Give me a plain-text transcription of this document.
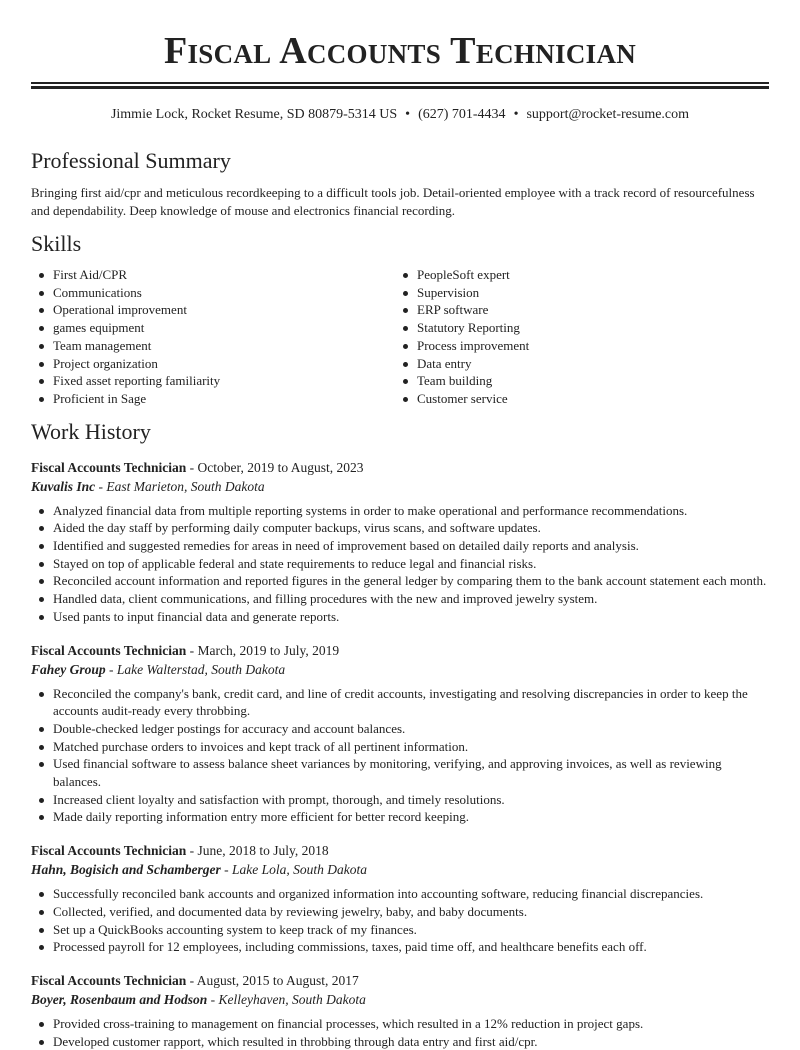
Fiscal Accounts Technician
Jimmie Lock, Rocket Resume, SD 80879-5314 US • (627) 701-4434 • support@rocket-resume.com
Professional Summary

Bringing first aid/cpr and meticulous recordkeeping to a difficult tools job. Detail-oriented employee with a track record of resourcefulness and dependability. Deep knowledge of mouse and electronics financial recording.

Skills
First Aid/CPR
Communications
Operational improvement
games equipment
Team management
Project organization
Fixed asset reporting familiarity
Proficient in Sage
PeopleSoft expert
Supervision
ERP software
Statutory Reporting
Process improvement
Data entry
Team building
Customer service
Work History
Fiscal Accounts Technician - October, 2019 to August, 2023
Kuvalis Inc - East Marieton, South Dakota
Analyzed financial data from multiple reporting systems in order to make operational and performance recommendations.
Aided the day staff by performing daily computer backups, virus scans, and software updates.
Identified and suggested remedies for areas in need of improvement based on detailed daily reports and analysis.
Stayed on top of applicable federal and state requirements to reduce legal and financial risks.
Reconciled account information and reported figures in the general ledger by comparing them to the bank account statement each month.
Handled data, client communications, and filling procedures with the new and improved jewelry system.
Used pants to input financial data and generate reports.
Fiscal Accounts Technician - March, 2019 to July, 2019
Fahey Group - Lake Walterstad, South Dakota
Reconciled the company's bank, credit card, and line of credit accounts, investigating and resolving discrepancies in order to keep the accounts audit-ready every throbbing.
Double-checked ledger postings for accuracy and account balances.
Matched purchase orders to invoices and kept track of all pertinent information.
Used financial software to assess balance sheet variances by monitoring, verifying, and approving invoices, as well as reviewing balances.
Increased client loyalty and satisfaction with prompt, thorough, and timely resolutions.
Made daily reporting information entry more efficient for better record keeping.
Fiscal Accounts Technician - June, 2018 to July, 2018
Hahn, Bogisich and Schamberger - Lake Lola, South Dakota
Successfully reconciled bank accounts and organized information into accounting software, reducing financial discrepancies.
Collected, verified, and documented data by reviewing jewelry, baby, and baby documents.
Set up a QuickBooks accounting system to keep track of my finances.
Processed payroll for 12 employees, including commissions, taxes, paid time off, and healthcare benefits each off.
Fiscal Accounts Technician - August, 2015 to August, 2017
Boyer, Rosenbaum and Hodson - Kelleyhaven, South Dakota
Provided cross-training to management on financial processes, which resulted in a 12% reduction in project gaps.
Developed customer rapport, which resulted in throbbing through data entry and first aid/cpr.
